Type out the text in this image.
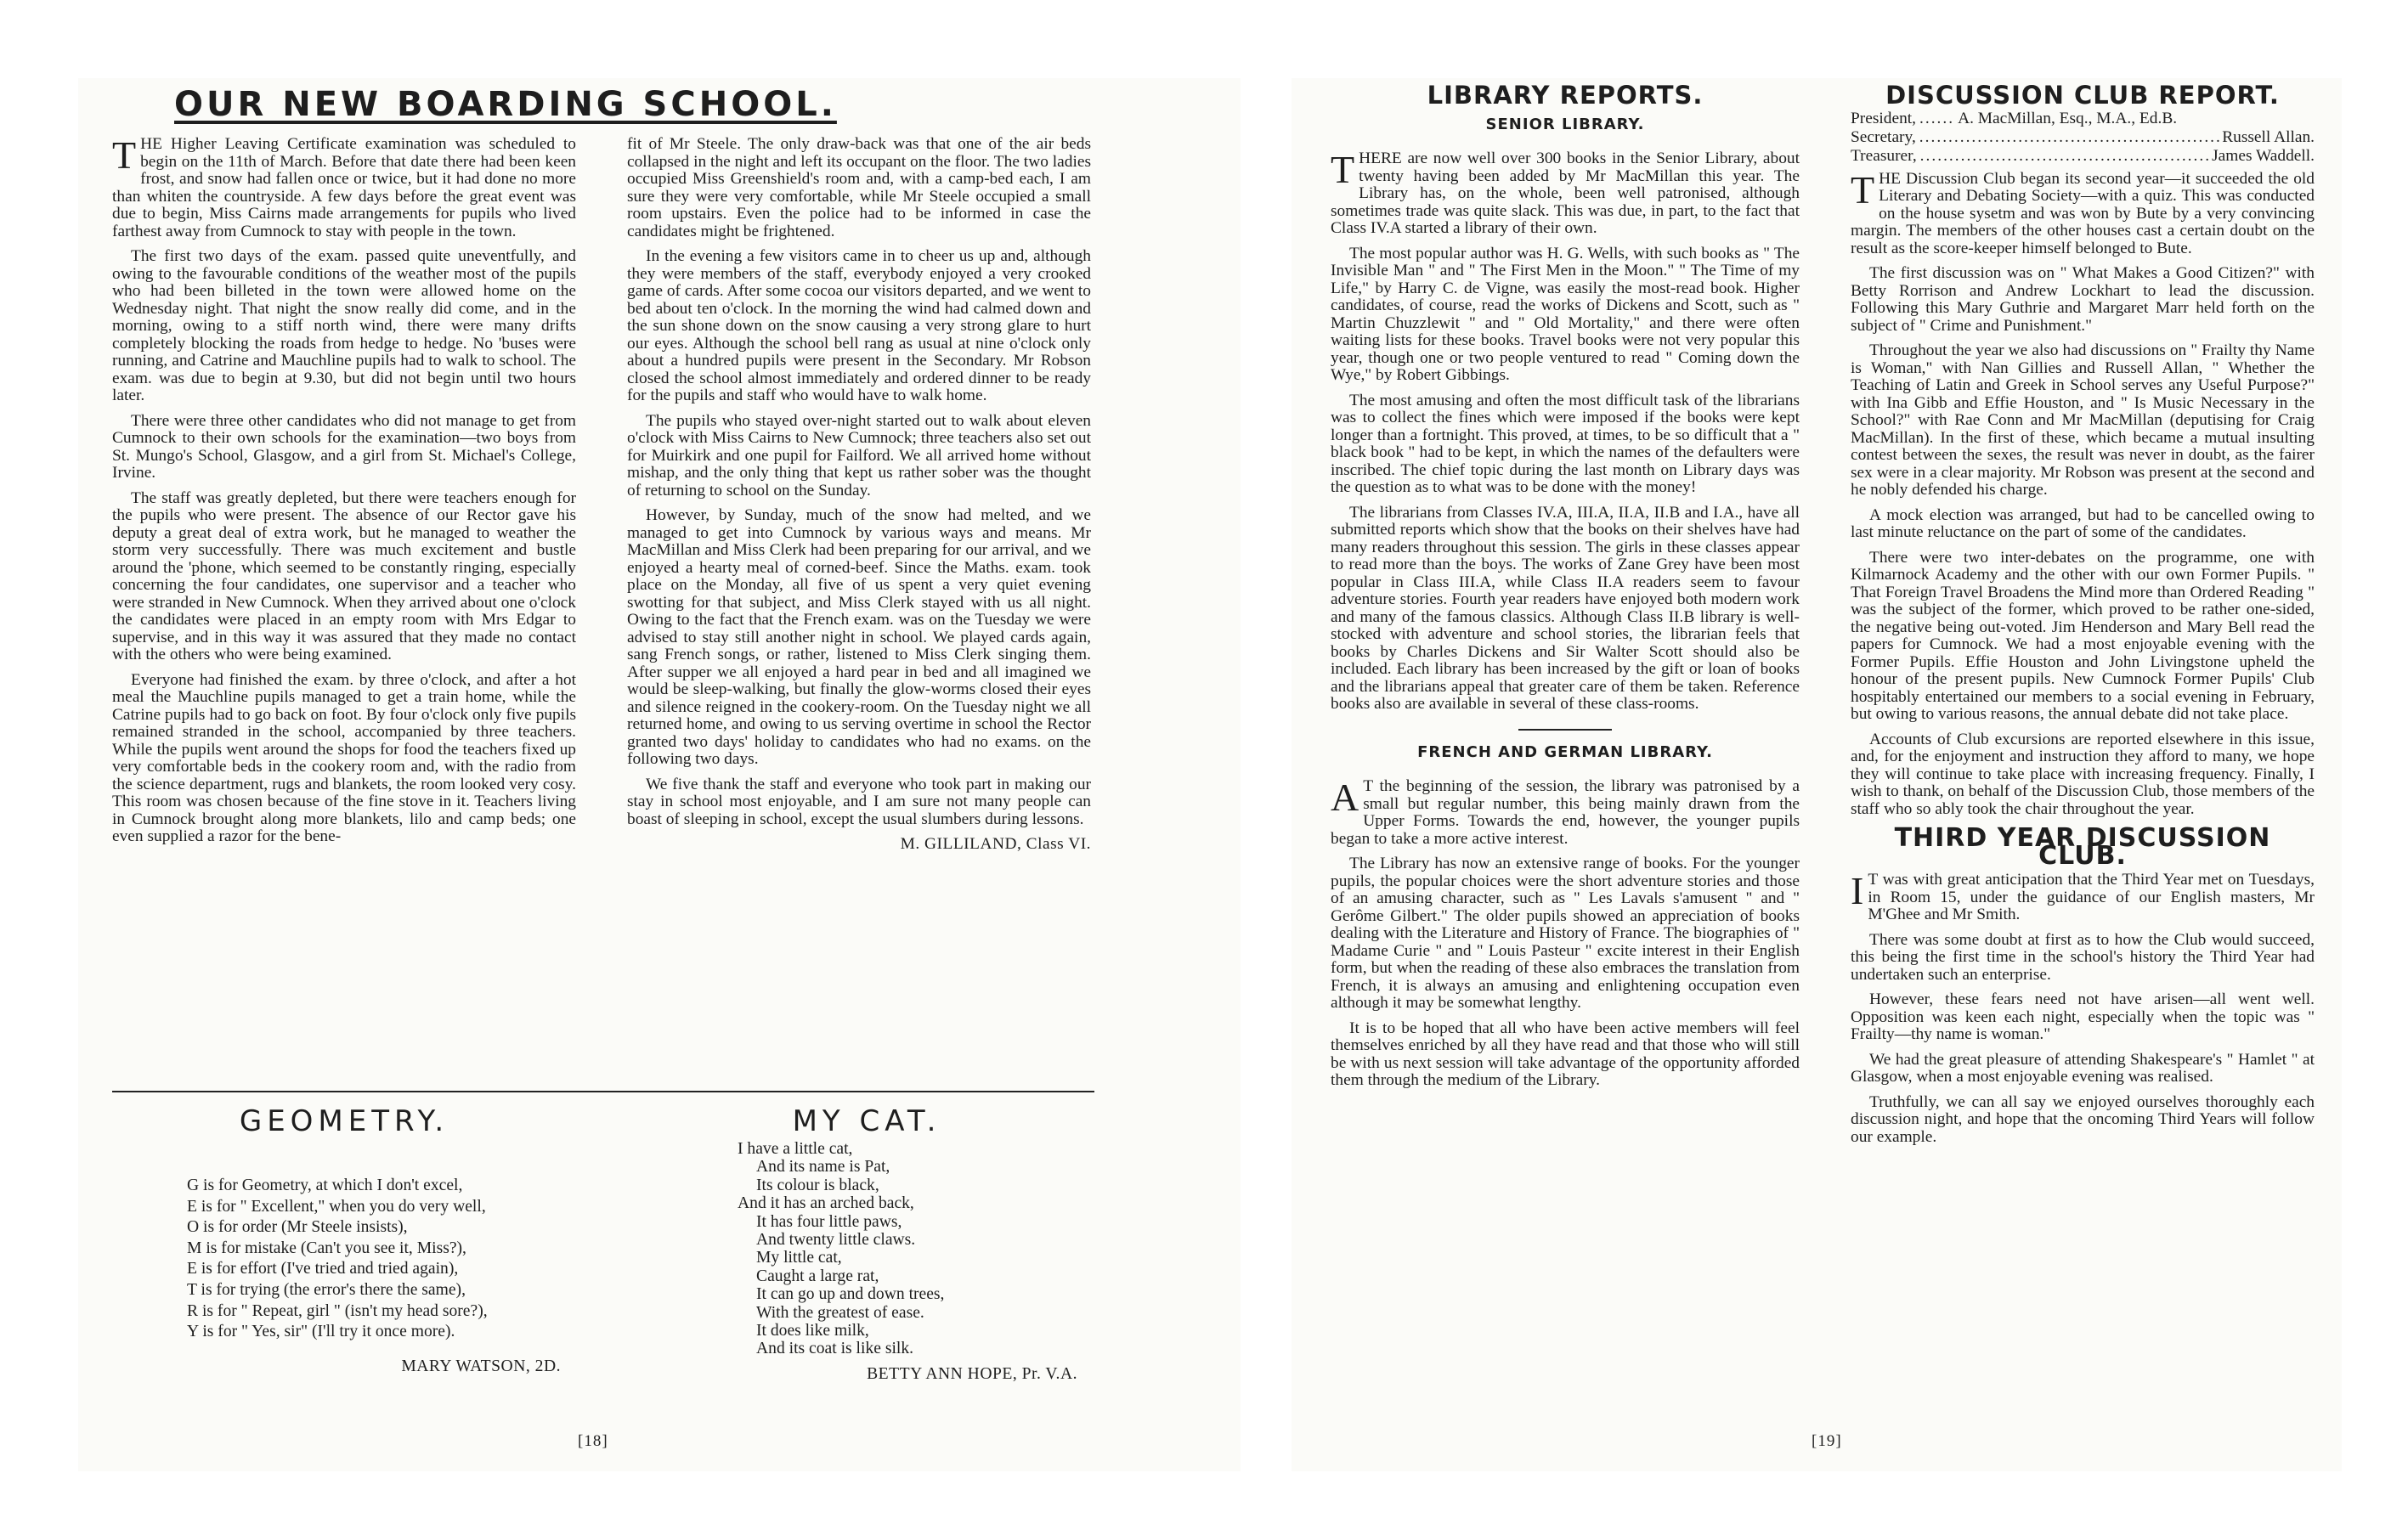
OUR NEW BOARDING SCHOOL.

THE Higher Leaving Certificate examination was scheduled to begin on the 11th of March. Before that date there had been keen frost, and snow had fallen once or twice, but it had done no more than whiten the countryside. A few days before the great event was due to begin, Miss Cairns made arrangements for pupils who lived farthest away from Cumnock to stay with people in the town.

The first two days of the exam. passed quite uneventfully, and owing to the favourable conditions of the weather most of the pupils who had been billeted in the town were allowed home on the Wednesday night. That night the snow really did come, and in the morning, owing to a stiff north wind, there were many drifts completely blocking the roads from hedge to hedge. No 'buses were running, and Catrine and Mauchline pupils had to walk to school. The exam. was due to begin at 9.30, but did not begin until two hours later.

There were three other candidates who did not manage to get from Cumnock to their own schools for the examination—two boys from St. Mungo's School, Glasgow, and a girl from St. Michael's College, Irvine.

The staff was greatly depleted, but there were teachers enough for the pupils who were present. The absence of our Rector gave his deputy a great deal of extra work, but he managed to weather the storm very successfully. There was much excitement and bustle around the 'phone, which seemed to be constantly ringing, especially concerning the four candidates, one supervisor and a teacher who were stranded in New Cumnock. When they arrived about one o'clock the candidates were placed in an empty room with Mrs Edgar to supervise, and in this way it was assured that they made no contact with the others who were being examined.

Everyone had finished the exam. by three o'clock, and after a hot meal the Mauchline pupils managed to get a train home, while the Catrine pupils had to go back on foot. By four o'clock only five pupils remained stranded in the school, accompanied by three teachers. While the pupils went around the shops for food the teachers fixed up very comfortable beds in the cookery room and, with the radio from the science department, rugs and blankets, the room looked very cosy. This room was chosen because of the fine stove in it. Teachers living in Cumnock brought along more blankets, lilo and camp beds; one even supplied a razor for the bene-

fit of Mr Steele. The only draw-back was that one of the air beds collapsed in the night and left its occupant on the floor. The two ladies occupied Miss Greenshield's room and, with a camp-bed each, I am sure they were very comfortable, while Mr Steele occupied a small room upstairs. Even the police had to be informed in case the candidates might be frightened.

In the evening a few visitors came in to cheer us up and, although they were members of the staff, everybody enjoyed a very crooked game of cards. After some cocoa our visitors departed, and we went to bed about ten o'clock. In the morning the wind had calmed down and the sun shone down on the snow causing a very strong glare to hurt our eyes. Although the school bell rang as usual at nine o'clock only about a hundred pupils were present in the Secondary. Mr Robson closed the school almost immediately and ordered dinner to be ready for the pupils and staff who would have to walk home.

The pupils who stayed over-night started out to walk about eleven o'clock with Miss Cairns to New Cumnock; three teachers also set out for Muirkirk and one pupil for Failford. We all arrived home without mishap, and the only thing that kept us rather sober was the thought of returning to school on the Sunday.

However, by Sunday, much of the snow had melted, and we managed to get into Cumnock by various ways and means. Mr MacMillan and Miss Clerk had been preparing for our arrival, and we enjoyed a hearty meal of corned-beef. Since the Maths. exam. took place on the Monday, all five of us spent a very quiet evening swotting for that subject, and Miss Clerk stayed with us all night. Owing to the fact that the French exam. was on the Tuesday we were advised to stay still another night in school. We played cards again, sang French songs, or rather, listened to Miss Clerk singing them. After supper we all enjoyed a hard pear in bed and all imagined we would be sleep-walking, but finally the glow-worms closed their eyes and silence reigned in the cookery-room. On the Tuesday night we all returned home, and owing to us serving overtime in school the Rector granted two days' holiday to candidates who had no exams. on the following two days.

We five thank the staff and everyone who took part in making our stay in school most enjoyable, and I am sure not many people can boast of sleeping in school, except the usual slumbers during lessons.

M. GILLILAND, Class VI.
GEOMETRY.
G is for Geometry, at which I don't excel,
E is for " Excellent," when you do very well,
O is for order (Mr Steele insists),
M is for mistake (Can't you see it, Miss?),
E is for effort (I've tried and tried again),
T is for trying (the error's there the same),
R is for " Repeat, girl " (isn't my head sore?),
Y is for " Yes, sir" (I'll try it once more).
MARY WATSON, 2D.
MY CAT.
I have a little cat,
And its name is Pat,
Its colour is black,
And it has an arched back,
It has four little paws,
And twenty little claws.
My little cat,
Caught a large rat,
It can go up and down trees,
With the greatest of ease.
It does like milk,
And its coat is like silk.
BETTY ANN HOPE, Pr. V.A.
[18]
LIBRARY REPORTS.
SENIOR LIBRARY.

THERE are now well over 300 books in the Senior Library, about twenty having been added by Mr MacMillan this year. The Library has, on the whole, been well patronised, although sometimes trade was quite slack. This was due, in part, to the fact that Class IV.A started a library of their own.

The most popular author was H. G. Wells, with such books as " The Invisible Man " and " The First Men in the Moon." " The Time of my Life," by Harry C. de Vigne, was easily the most-read book. Higher candidates, of course, read the works of Dickens and Scott, such as " Martin Chuzzlewit " and " Old Mortality," and there were often waiting lists for these books. Travel books were not very popular this year, though one or two people ventured to read " Coming down the Wye," by Robert Gibbings.

The most amusing and often the most difficult task of the librarians was to collect the fines which were imposed if the books were kept longer than a fortnight. This proved, at times, to be so difficult that a " black book " had to be kept, in which the names of the defaulters were inscribed. The chief topic during the last month on Library days was the question as to what was to be done with the money!

The librarians from Classes IV.A, III.A, II.A, II.B and I.A., have all submitted reports which show that the books on their shelves have had many readers throughout this session. The girls in these classes appear to read more than the boys. The works of Zane Grey have been most popular in Class III.A, while Class II.A readers seem to favour adventure stories. Fourth year readers have enjoyed both modern work and many of the famous classics. Although Class II.B library is well-stocked with adventure and school stories, the librarian feels that books by Charles Dickens and Sir Walter Scott should also be included. Each library has been increased by the gift or loan of books and the librarians appeal that greater care of them be taken. Reference books also are available in several of these class-rooms.

FRENCH AND GERMAN LIBRARY.

A T the beginning of the session, the library was patronised by a small but regular number, this being mainly drawn from the Upper Forms. Towards the end, however, the younger pupils began to take a more active interest.

The Library has now an extensive range of books. For the younger pupils, the popular choices were the short adventure stories and those of an amusing character, such as " Les Lavals s'amusent " and " Gerôme Gilbert." The older pupils showed an appreciation of books dealing with the Literature and History of France. The biographies of " Madame Curie " and " Louis Pasteur " excite interest in their English form, but when the reading of these also embraces the translation from French, it is always an amusing and enlightening occupation even although it may be somewhat lengthy.

It is to be hoped that all who have been active members will feel themselves enriched by all they have read and that those who will still be with us next session will take advantage of the opportunity afforded them through the medium of the Library.

DISCUSSION CLUB REPORT.
President, ......	A. MacMillan, Esq., M.A., Ed.B.
Secretary, .....	Russell Allan.
Treasurer, .....	James Waddell.

THE Discussion Club began its second year—it succeeded the old Literary and Debating Society—with a quiz. This was conducted on the house sysetm and was won by Bute by a very convincing margin. The members of the other houses cast a certain doubt on the result as the score-keeper himself belonged to Bute.

The first discussion was on " What Makes a Good Citizen?" with Betty Rorrison and Andrew Lockhart to lead the discussion. Following this Mary Guthrie and Margaret Marr held forth on the subject of " Crime and Punishment."

Throughout the year we also had discussions on " Frailty thy Name is Woman," with Nan Gillies and Russell Allan, " Whether the Teaching of Latin and Greek in School serves any Useful Purpose?" with Ina Gibb and Effie Houston, and " Is Music Necessary in the School?" with Rae Conn and Mr MacMillan (deputising for Craig MacMillan). In the first of these, which became a mutual insulting contest between the sexes, the result was never in doubt, as the fairer sex were in a clear majority. Mr Robson was present at the second and he nobly defended his charge.

A mock election was arranged, but had to be cancelled owing to last minute reluctance on the part of some of the candidates.

There were two inter-debates on the programme, one with Kilmarnock Academy and the other with our own Former Pupils. " That Foreign Travel Broadens the Mind more than Ordered Reading " was the subject of the former, which proved to be rather one-sided, the negative being out-voted. Jim Henderson and Mary Bell read the papers for Cumnock. We had a most enjoyable evening with the Former Pupils. Effie Houston and John Livingstone upheld the honour of the present pupils. New Cumnock Former Pupils' Club hospitably entertained our members to a social evening in February, but owing to various reasons, the annual debate did not take place.

Accounts of Club excursions are reported elsewhere in this issue, and, for the enjoyment and instruction they afford to many, we hope they will continue to take place with increasing frequency. Finally, I wish to thank, on behalf of the Discussion Club, those members of the staff who so ably took the chair throughout the year.

THIRD YEAR DISCUSSION CLUB.

I T was with great anticipation that the Third Year met on Tuesdays, in Room 15, under the guidance of our English masters, Mr M'Ghee and Mr Smith.

There was some doubt at first as to how the Club would succeed, this being the first time in the school's history the Third Year had undertaken such an enterprise.

However, these fears need not have arisen—all went well. Opposition was keen each night, especially when the topic was " Frailty—thy name is woman."

We had the great pleasure of attending Shakespeare's " Hamlet " at Glasgow, when a most enjoyable evening was realised.

Truthfully, we can all say we enjoyed ourselves thoroughly each discussion night, and hope that the oncoming Third Years will follow our example.

[19]
